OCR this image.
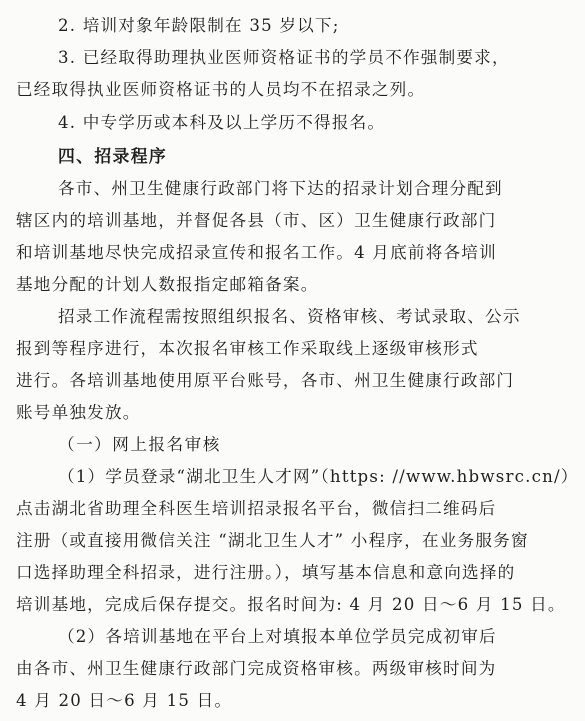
2. 培训对象年龄限制在 35 岁以下;
3. 已经取得助理执业医师资格证书的学员不作强制要求，
已经取得执业医师资格证书的人员均不在招录之列。
4. 中专学历或本科及以上学历不得报名。
四、招录程序
各市、州卫生健康行政部门将下达的招录计划合理分配到
辖区内的培训基地，并督促各县（市、区）卫生健康行政部门
和培训基地尽快完成招录宣传和报名工作。4 月底前将各培训
基地分配的计划人数报指定邮箱备案。
招录工作流程需按照组织报名、资格审核、考试录取、公示
报到等程序进行，本次报名审核工作采取线上逐级审核形式
进行。各培训基地使用原平台账号，各市、州卫生健康行政部门
账号单独发放。
（一）网上报名审核
（1）学员登录“湖北卫生人才网”（https: //www.hbwsrc.cn/）
点击湖北省助理全科医生培训招录报名平台，微信扫二维码后
注册（或直接用微信关注 “湖北卫生人才” 小程序，在业务服务窗
口选择助理全科招录，进行注册。），填写基本信息和意向选择的
培训基地，完成后保存提交。报名时间为: 4 月 20 日～6 月 15 日。
（2）各培训基地在平台上对填报本单位学员完成初审后
由各市、州卫生健康行政部门完成资格审核。两级审核时间为
4 月 20 日～6 月 15 日。
